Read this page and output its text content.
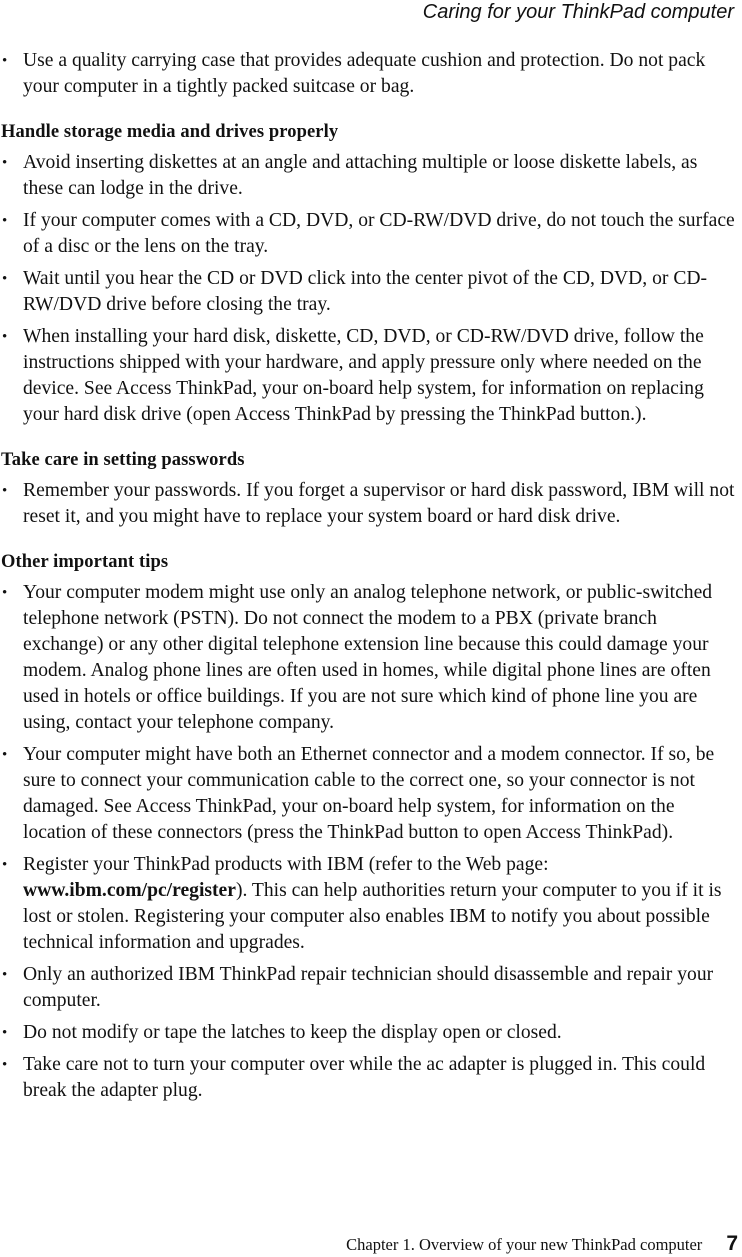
Caring for your ThinkPad computer
• Use a quality carrying case that provides adequate cushion and protection. Do not pack your computer in a tightly packed suitcase or bag.
Handle storage media and drives properly
• Avoid inserting diskettes at an angle and attaching multiple or loose diskette labels, as these can lodge in the drive.
• If your computer comes with a CD, DVD, or CD-RW/DVD drive, do not touch the surface of a disc or the lens on the tray.
• Wait until you hear the CD or DVD click into the center pivot of the CD, DVD, or CD-RW/DVD drive before closing the tray.
• When installing your hard disk, diskette, CD, DVD, or CD-RW/DVD drive, follow the instructions shipped with your hardware, and apply pressure only where needed on the device. See Access ThinkPad, your on-board help system, for information on replacing your hard disk drive (open Access ThinkPad by pressing the ThinkPad button.).
Take care in setting passwords
• Remember your passwords. If you forget a supervisor or hard disk password, IBM will not reset it, and you might have to replace your system board or hard disk drive.
Other important tips
• Your computer modem might use only an analog telephone network, or public-switched telephone network (PSTN). Do not connect the modem to a PBX (private branch exchange) or any other digital telephone extension line because this could damage your modem. Analog phone lines are often used in homes, while digital phone lines are often used in hotels or office buildings. If you are not sure which kind of phone line you are using, contact your telephone company.
• Your computer might have both an Ethernet connector and a modem connector. If so, be sure to connect your communication cable to the correct one, so your connector is not damaged. See Access ThinkPad, your on-board help system, for information on the location of these connectors (press the ThinkPad button to open Access ThinkPad).
• Register your ThinkPad products with IBM (refer to the Web page: www.ibm.com/pc/register). This can help authorities return your computer to you if it is lost or stolen. Registering your computer also enables IBM to notify you about possible technical information and upgrades.
• Only an authorized IBM ThinkPad repair technician should disassemble and repair your computer.
• Do not modify or tape the latches to keep the display open or closed.
• Take care not to turn your computer over while the ac adapter is plugged in. This could break the adapter plug.
Chapter 1. Overview of your new ThinkPad computer 7
